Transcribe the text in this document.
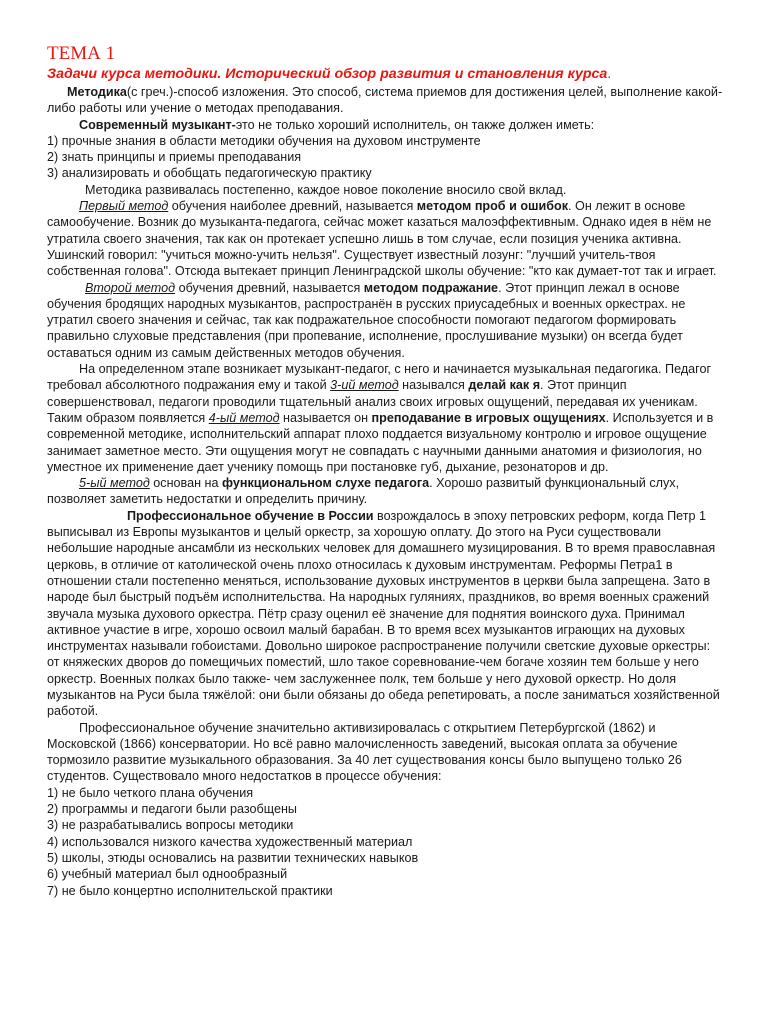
ТЕМА 1
Задачи курса методики. Исторический обзор развития и становления курса.

Методика(с греч.)-способ изложения. Это способ, система приемов для достижения целей, выполнение какой-либо работы или учение о методах преподавания.

Современный музыкант-это не только хороший исполнитель, он также должен иметь:

1) прочные знания в области методики обучения на духовом инструменте

2) знать принципы и приемы преподавания

3) анализировать и обобщать педагогическую практику

Методика развивалась постепенно, каждое новое поколение вносило свой вклад.

Первый метод обучения наиболее древний, называется методом проб и ошибок. Он лежит в основе самообучение. Возник до музыканта-педагога, сейчас может казаться малоэффективным. Однако идея в нём не утратила своего значения, так как он протекает успешно лишь в том случае, если позиция ученика активна. Ушинский говорил: "учиться можно-учить нельзя". Существует известный лозунг: "лучший учитель-твоя собственная голова". Отсюда вытекает принцип Ленинградской школы обучение: "кто как думает-тот так и играет.

Второй метод обучения древний, называется методом подражание. Этот принцип лежал в основе обучения бродящих народных музыкантов, распространён в русских приусадебных и военных оркестрах. не утратил своего значения и сейчас, так как подражательное способности помогают педагогом формировать правильно слуховые представления (при пропевание, исполнение, прослушивание музыки) он всегда будет оставаться одним из самым действенных методов обучения.

На определенном этапе возникает музыкант-педагог, с него и начинается музыкальная педагогика. Педагог требовал абсолютного подражания ему и такой 3-ий метод назывался делай как я. Этот принцип совершенствовал, педагоги проводили тщательный анализ своих игровых ощущений, передавая их ученикам. Таким образом появляется 4-ый метод называется он преподавание в игровых ощущениях. Используется и в современной методике, исполнительский аппарат плохо поддается визуальному контролю и игровое ощущение занимает заметное место. Эти ощущения могут не совпадать с научными данными анатомия и физиология, но уместное их применение дает ученику помощь при постановке губ, дыхание, резонаторов и др.

5-ый метод основан на функциональном слухе педагога. Хорошо развитый функциональный слух, позволяет заметить недостатки и определить причину.

Профессиональное обучение в России возрождалось в эпоху петровских реформ, когда Петр 1 выписывал из Европы музыкантов и целый оркестр, за хорошую оплату. До этого на Руси существовали небольшие народные ансамбли из нескольких человек для домашнего музицирования. В то время православная церковь, в отличие от католической очень плохо относилась к духовым инструментам. Реформы Петра1 в отношении стали постепенно меняться, использование духовых инструментов в церкви была запрещена. Зато в народе был быстрый подъём исполнительства. На народных гуляниях, праздников, во время военных сражений звучала музыка духового оркестра. Пётр сразу оценил её значение для поднятия воинского духа. Принимал активное участие в игре, хорошо освоил малый барабан. В то время всех музыкантов играющих на духовых инструментах называли гобоистами. Довольно широкое распространение получили светские духовые оркестры: от княжеских дворов до помещичьих поместий, шло такое соревнование-чем богаче хозяин тем больше у него оркестр. Военных полках было также- чем заслуженнее полк, тем больше у него духовой оркестр. Но доля музыкантов на Руси была тяжёлой: они были обязаны до обеда репетировать, а после заниматься хозяйственной работой.

Профессиональное обучение значительно активизировалась с открытием Петербургской (1862) и Московской (1866) консерватории. Но всё равно малочисленность заведений, высокая оплата за обучение тормозило развитие музыкального образования. За 40 лет существования консы было выпущено только 26 студентов. Существовало много недостатков в процессе обучения:

1) не было четкого плана обучения

2) программы и педагоги были разобщены

3) не разрабатывались вопросы методики

4) использовался низкого качества художественный материал

5) школы, этюды основались на развитии технических навыков

6) учебный материал был однообразный

7) не было концертно исполнительской практики
